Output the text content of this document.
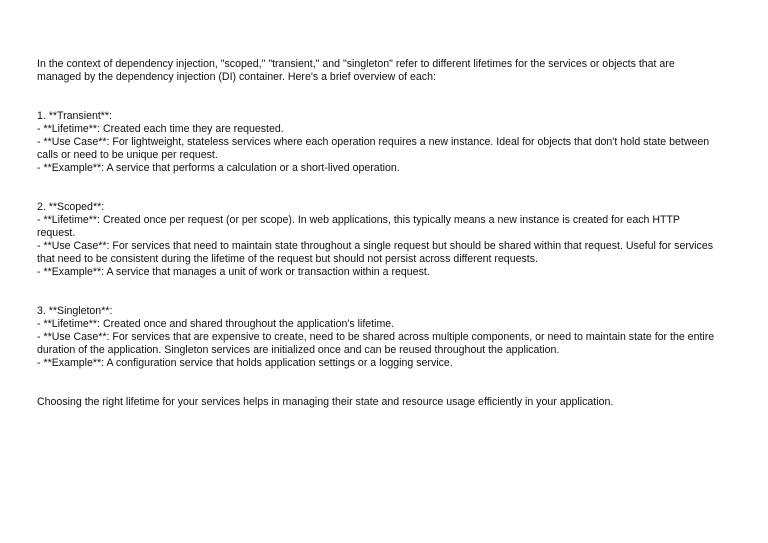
In the context of dependency injection, "scoped," "transient," and "singleton" refer to different lifetimes for the services or objects that are managed by the dependency injection (DI) container. Here's a brief overview of each:

1. **Transient**:
- **Lifetime**: Created each time they are requested.
- **Use Case**: For lightweight, stateless services where each operation requires a new instance. Ideal for objects that don't hold state between calls or need to be unique per request.
- **Example**: A service that performs a calculation or a short-lived operation.
2. **Scoped**:
- **Lifetime**: Created once per request (or per scope). In web applications, this typically means a new instance is created for each HTTP request.
- **Use Case**: For services that need to maintain state throughout a single request but should be shared within that request. Useful for services that need to be consistent during the lifetime of the request but should not persist across different requests.
- **Example**: A service that manages a unit of work or transaction within a request.
3. **Singleton**:
- **Lifetime**: Created once and shared throughout the application's lifetime.
- **Use Case**: For services that are expensive to create, need to be shared across multiple components, or need to maintain state for the entire duration of the application. Singleton services are initialized once and can be reused throughout the application.
- **Example**: A configuration service that holds application settings or a logging service.

Choosing the right lifetime for your services helps in managing their state and resource usage efficiently in your application.
